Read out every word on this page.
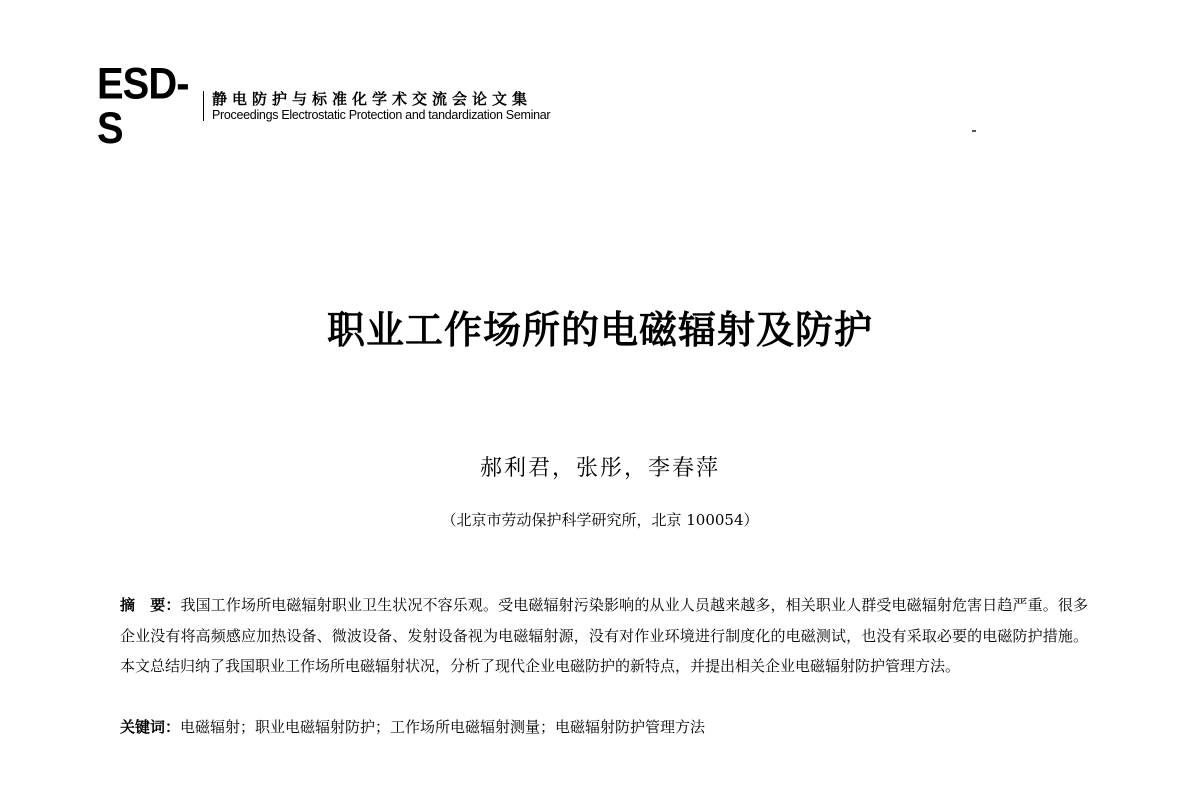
ESD-S
静电防护与标准化学术交流会论文集
Proceedings Electrostatic Protection and tandardization Seminar
职业工作场所的电磁辐射及防护
郝利君，张彤，李春萍
（北京市劳动保护科学研究所，北京 100054）
摘　要：我国工作场所电磁辐射职业卫生状况不容乐观。受电磁辐射污染影响的从业人员越来越多，相关职业人群受电磁辐射危害日趋严重。很多企业没有将高频感应加热设备、微波设备、发射设备视为电磁辐射源，没有对作业环境进行制度化的电磁测试，也没有采取必要的电磁防护措施。本文总结归纳了我国职业工作场所电磁辐射状况，分析了现代企业电磁防护的新特点，并提出相关企业电磁辐射防护管理方法。
关键词：电磁辐射；职业电磁辐射防护；工作场所电磁辐射测量；电磁辐射防护管理方法
